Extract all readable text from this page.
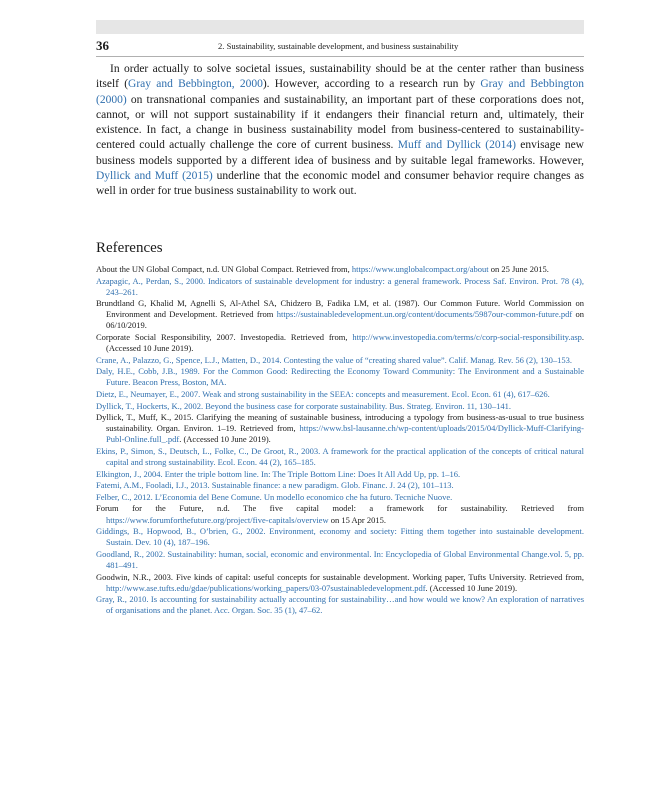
36	2. Sustainability, sustainable development, and business sustainability

In order actually to solve societal issues, sustainability should be at the center rather than business itself (Gray and Bebbington, 2000). However, according to a research run by Gray and Bebbington (2000) on transnational companies and sustainability, an important part of these corporations does not, cannot, or will not support sustainability if it endangers their financial return and, ultimately, their existence. In fact, a change in business sustainability model from business-centered to sustainability-centered could actually challenge the core of current business. Muff and Dyllick (2014) envisage new business models supported by a different idea of business and by suitable legal frameworks. However, Dyllick and Muff (2015) underline that the economic model and consumer behavior require changes as well in order for true business sustainability to work out.

References

About the UN Global Compact, n.d. UN Global Compact. Retrieved from, https://www.unglobalcompact.org/about on 25 June 2015.

Azapagic, A., Perdan, S., 2000. Indicators of sustainable development for industry: a general framework. Process Saf. Environ. Prot. 78 (4), 243–261.

Brundtland G, Khalid M, Agnelli S, Al-Athel SA, Chidzero B, Fadika LM, et al. (1987). Our Common Future. World Commission on Environment and Development. Retrieved from https://sustainabledevelopment.un.org/content/documents/5987our-common-future.pdf on 06/10/2019.

Corporate Social Responsibility, 2007. Investopedia. Retrieved from, http://www.investopedia.com/terms/c/corp-social-responsibility.asp. (Accessed 10 June 2019).

Crane, A., Palazzo, G., Spence, L.J., Matten, D., 2014. Contesting the value of “creating shared value”. Calif. Manag. Rev. 56 (2), 130–153.

Daly, H.E., Cobb, J.B., 1989. For the Common Good: Redirecting the Economy Toward Community: The Environment and a Sustainable Future. Beacon Press, Boston, MA.

Dietz, E., Neumayer, E., 2007. Weak and strong sustainability in the SEEA: concepts and measurement. Ecol. Econ. 61 (4), 617–626.

Dyllick, T., Hockerts, K., 2002. Beyond the business case for corporate sustainability. Bus. Strateg. Environ. 11, 130–141.

Dyllick, T., Muff, K., 2015. Clarifying the meaning of sustainable business, introducing a typology from business-as-usual to true business sustainability. Organ. Environ. 1–19. Retrieved from, https://www.bsl-lausanne.ch/wp-content/uploads/2015/04/Dyllick-Muff-Clarifying-Publ-Online.full_.pdf. (Accessed 10 June 2019).

Ekins, P., Simon, S., Deutsch, L., Folke, C., De Groot, R., 2003. A framework for the practical application of the concepts of critical natural capital and strong sustainability. Ecol. Econ. 44 (2), 165–185.

Elkington, J., 2004. Enter the triple bottom line. In: The Triple Bottom Line: Does It All Add Up, pp. 1–16.

Fatemi, A.M., Fooladi, I.J., 2013. Sustainable finance: a new paradigm. Glob. Financ. J. 24 (2), 101–113.

Felber, C., 2012. L’Economia del Bene Comune. Un modello economico che ha futuro. Tecniche Nuove.

Forum for the Future, n.d. The five capital model: a framework for sustainability. Retrieved from https://www.forumforthefuture.org/project/five-capitals/overview on 15 Apr 2015.

Giddings, B., Hopwood, B., O’brien, G., 2002. Environment, economy and society: Fitting them together into sustainable development. Sustain. Dev. 10 (4), 187–196.

Goodland, R., 2002. Sustainability: human, social, economic and environmental. In: Encyclopedia of Global Environmental Change.vol. 5, pp. 481–491.

Goodwin, N.R., 2003. Five kinds of capital: useful concepts for sustainable development. Working paper, Tufts University. Retrieved from, http://www.ase.tufts.edu/gdae/publications/working_papers/03-07sustainabledevelopment.pdf. (Accessed 10 June 2019).

Gray, R., 2010. Is accounting for sustainability actually accounting for sustainability…and how would we know? An exploration of narratives of organisations and the planet. Acc. Organ. Soc. 35 (1), 47–62.
